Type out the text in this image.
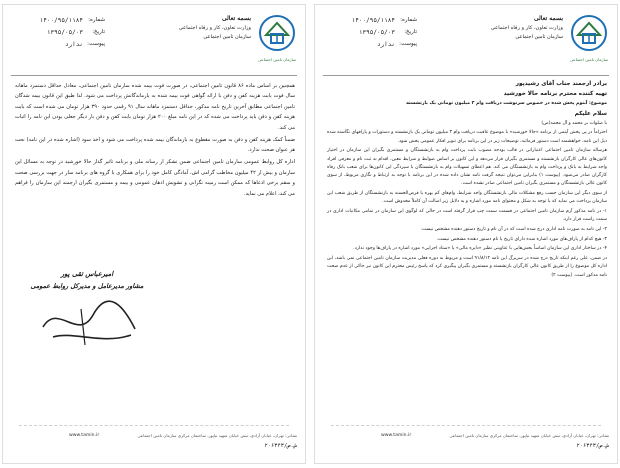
سازمان تامین اجتماعی
بسمه تعالی
وزارت تعاون، کار و رفاه اجتماعی
سازمان تامین اجتماعی
شماره:
۱۴۰۰/۹۵/۱۱۸۴
تاریخ:
۱۳۹۵/۰۵/۰۳
پیوست:
ندارد

همچنین بر اساس ماده ۸۶ قانون تامین اجتماعی، در صورت فوت بیمه شده سازمان تامین اجتماعی، معادل حداقل دستمزد ماهانه سال فوت بابت هزینه کفن و دفن با ارائه گواهی فوت بیمه شده به بازماندگانش پرداخت می شود. لذا طبق این قانون بیمه شدگان تامین اجتماعی مطابق آخرین تاریخ نامه مذکور، حداقل دستمزد ماهانه سال ۹۱ رقمی حدود ۳۹۰ هزار تومان می شده است که بابت هزینه کفن و دفن باید پرداخت می شده که در این نامه مبلغ ۲۰۰ هزار تومان بابت کفن و دفن بار دیگر جعلی بودن این نامه را اثبات می کند.

ضمناً کمک هزینه کفن و دفن به صورت مقطوع به بازماندگان بیمه شده پرداخت می شود و اخذ سود (اشاره شده در این نامه) نحت هر عنوان صحت ندارد.

اداره کل روابط عمومی سازمان تامین اجتماعی ضمن تشکر از رسانه ملی و برنامه تاثیر گذار حالا خورشید در توجه به مسائل این سازمان و بیش از ۴۲ میلیون مخاطب گرامی اش، آمادگی کامل خود را برای همکاری با گروه های برنامه ساز در جهت بررسی صحت و سقم برخی ادعاها که ممکن است زمینه نگرانی و تشویش اذهان عمومی و بیمه و مستمری بگیران ارجمند این سازمان را فراهم می کند، اعلام می نماید.

امیرعباس تقی پور
مشاور مدیرعامل و مدیرکل روابط عمومی
نشانی: تهران، خیابان آزادی، نبش خیابان شهید نیاپور، ساختمان مرکزی سازمان تامین اجتماعی
www.tamin.ir
ش.ص/۲۰۶۳۴۳
سازمان تامین اجتماعی
بسمه تعالی
وزارت تعاون، کار و رفاه اجتماعی
سازمان تامین اجتماعی
شماره:
۱۴۰۰/۹۵/۱۱۸۴
تاریخ:
۱۳۹۵/۰۵/۰۳
پیوست:
ندارد

برادر ارجمند جناب آقای رشیدپور

تهیه کننده محترم برنامه حالا خورشید

موضوع: آبنوم پخش شده در خصوص سرنوشت دریافت وام ۳ میلیون تومانی یک بازنشسته

سلام علیکم

با صلوات بر محمد و آل محمد(ص)

احتراماً در پی پخش آیتمی از برنامه «حالا خورشید» با موضوع عاقبت دریافت وام ۳ میلیون تومانی یک بازنشسته و دستورات و پارافهای نگاشته شده ذیل این نامه، خواهشمند است دستور فرمائید، توضیحات زیر در این برنامه برای تنویر افکار عمومی پخش شود.

هرساله سازمان تامین اجتماعی اعتباراتی در قالب بودجه مصوب بابت پرداخت وام به بازنشستگان و مستمری بگیران این سازمان در اختیار کانون‌های عالی کارگران بازنشسته و مستمری بگیران قرار می‌دهد و این کانون بر اساس ضوابط و شرایط معین، اقدام به ثبت نام و معرفی افراد واجد شرایط به بانک و پرداخت وام به بازنشستگان می کند. هم اعطای تسهیلات وام به بازنشستگان با سپردگی این کانون‌ها برای شعب بانک رفاه کارگران صادر می‌شود. (پیوست ۱) بنابراین می‌توان نتیجه گرفت نامه نشان داده شده در این برنامه با توجه به ارتباط و نگاری مربوط، از سوی کانون عالی بازنشستگان و مستمری بگیران تامین اجتماعی صادر نشده است.

از سوی دیگر این سازمان حسب رفع مشکلات مالی بازنشستگان واجد شرایط، وام‌های کم بهره یا قرض‌الحسنه به بازنشستگان از طریق شعب این سازمان پرداخت می نماید که با توجه به شکل و محتوای نامه مورد اشاره و به دلایل زیر اصالت آن کاملاً مخدوش است.

۱- در نامه مذکور آرم سازمان تامین اجتماعی در قسمت سمت چپ قرار گرفته است در حالی که لوگوی این سازمان در تمامی مکاتبات اداری در سمت راست قرار دارد.

۲- این نامه به صورت نامه اداری درج شده است که در آن نام و تاریخ دستور دهنده مشخص نیست.

۳- هیچ کدام از پاراف‌های مورد اشاره شده دارای تاریخ یا نام دستور دهنده مشخص نیست.

۴- در ساختار اداری این سازمان اساساً بخش‌هایی با عناوینی نظیر «دایره مالی» یا «ستاد اجرایی» مورد اشاره در پاراف‌ها وجود ندارد.

در ضمن، علی رغم اینکه تاریخ درج شده در سربرگ این نامه ۹۱/۸/۱۲ است و مربوط به دوره فعلی مدیریت سازمان تامین اجتماعی نمی باشد، این اداره کل موضوع را از طریق کانون عالی کارگران بازنشسته و مستمری بگیران پیگیری کرد که پاسخ رئیس محترم این کانون نیز حاکی از عدم صحت نامه مذکور است. (پیوست ۲)

نشانی: تهران، خیابان آزادی، نبش خیابان شهید نیاپور، ساختمان مرکزی سازمان تامین اجتماعی
www.tamin.ir
ش.ص/۲۰۶۳۴۳
